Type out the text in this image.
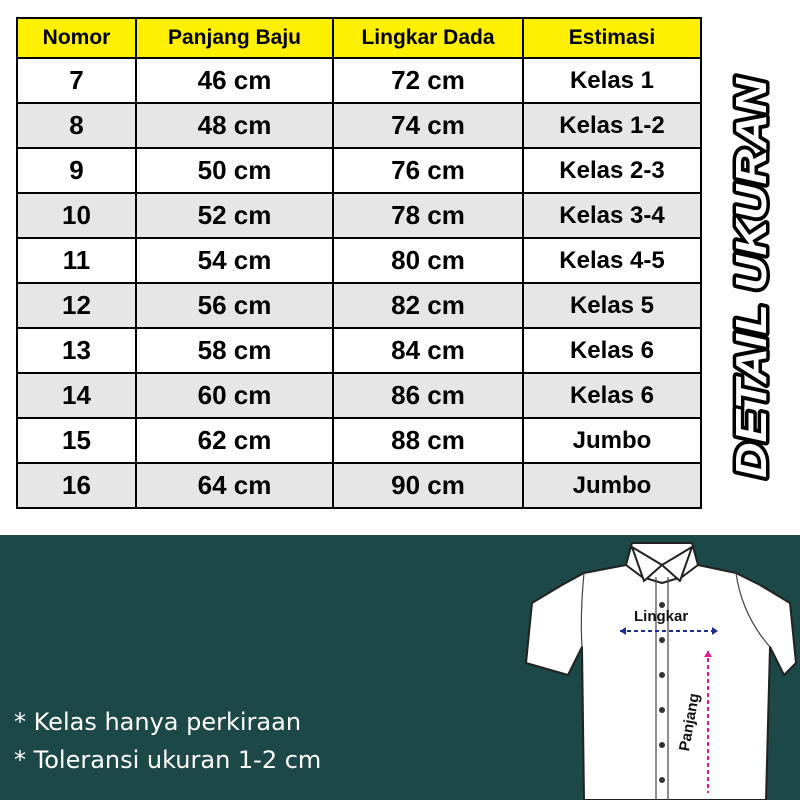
Nomor	Panjang Baju	Lingkar Dada	Estimasi
7	46 cm	72 cm	Kelas 1
8	48 cm	74 cm	Kelas 1-2
9	50 cm	76 cm	Kelas 2-3
10	52 cm	78 cm	Kelas 3-4
11	54 cm	80 cm	Kelas 4-5
12	56 cm	82 cm	Kelas 5
13	58 cm	84 cm	Kelas 6
14	60 cm	86 cm	Kelas 6
15	62 cm	88 cm	Jumbo
16	64 cm	90 cm	Jumbo
DETAIL UKURAN
* Kelas hanya perkiraan
* Toleransi ukuran 1-2 cm
Lingkar
Panjang
